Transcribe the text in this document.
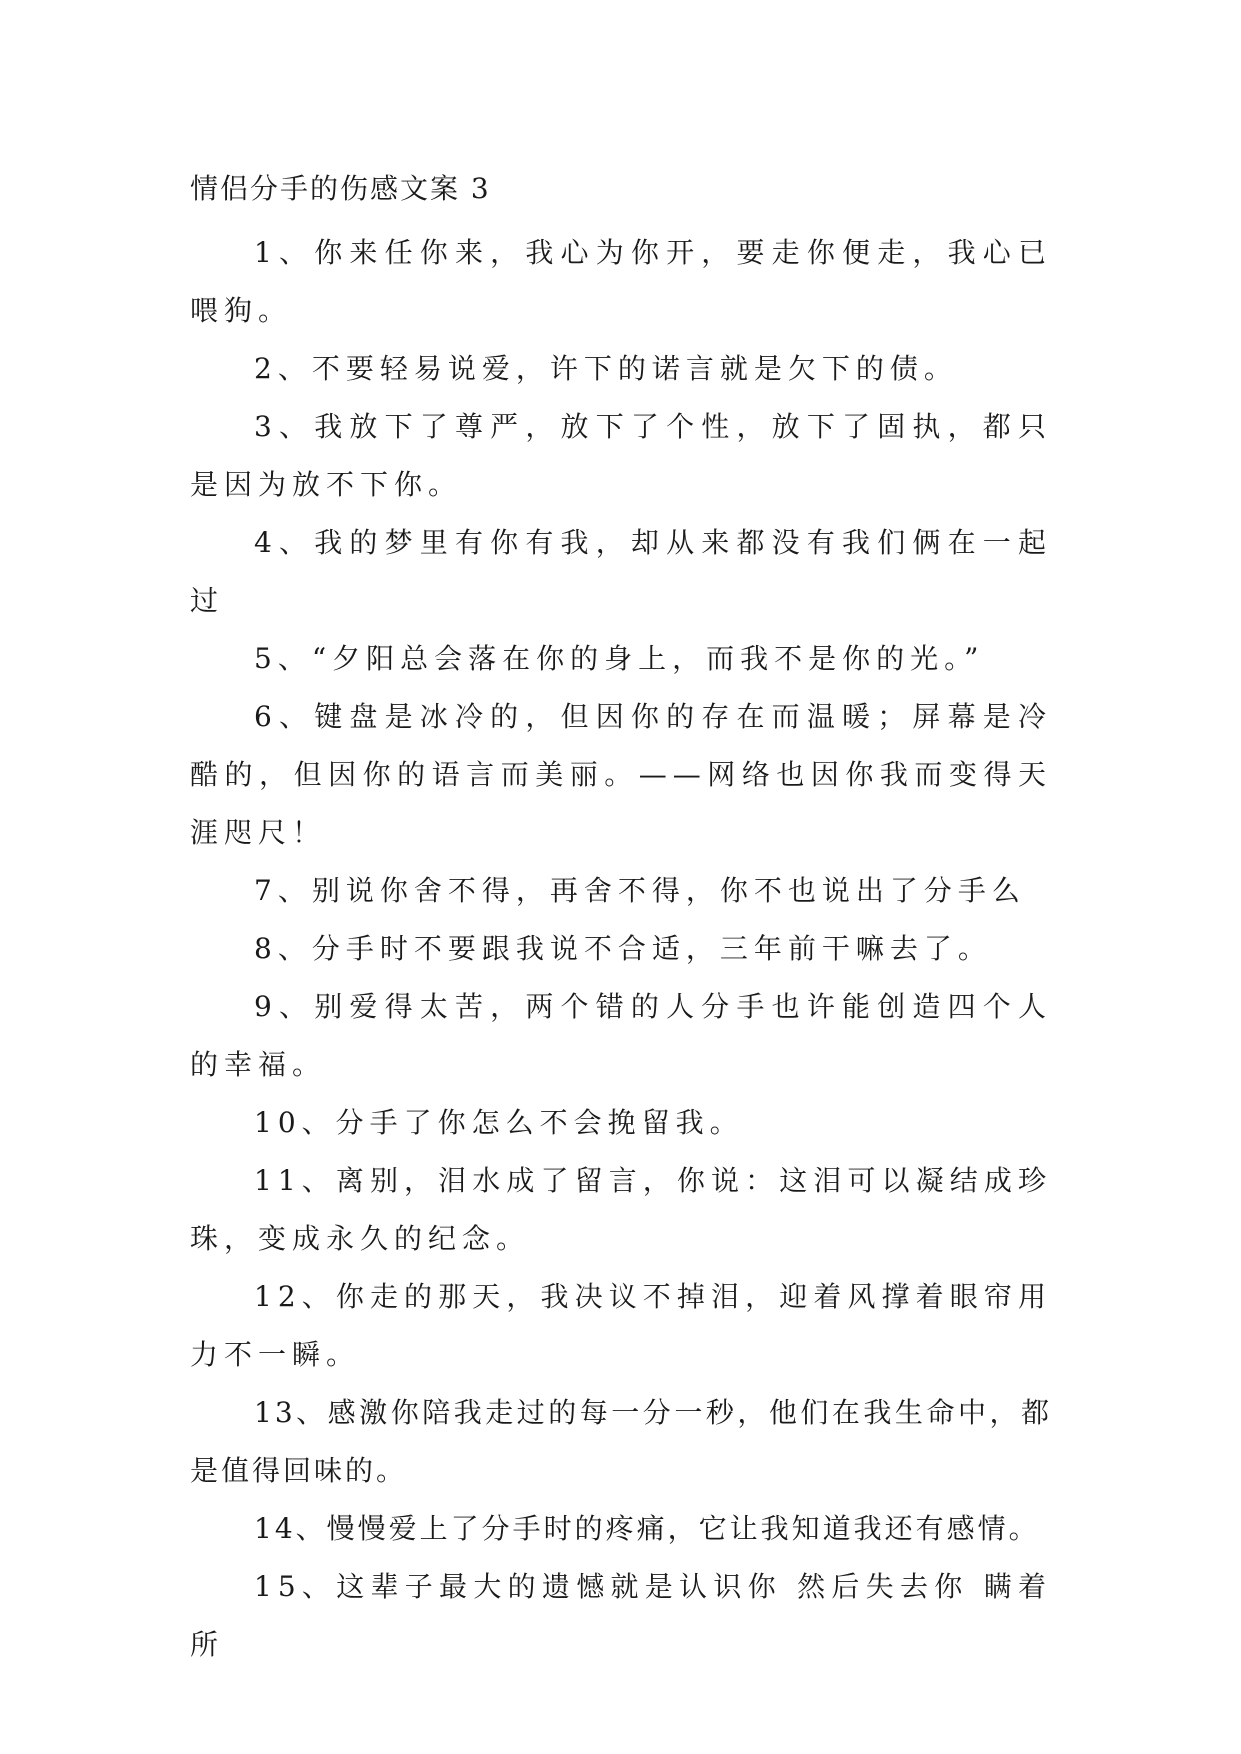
情侣分手的伤感文案 3

1、你来任你来，我心为你开，要走你便走，我心已喂狗。

2、不要轻易说爱，许下的诺言就是欠下的债。

3、我放下了尊严，放下了个性，放下了固执，都只是因为放不下你。

4、我的梦里有你有我，却从来都没有我们俩在一起过

5、“夕阳总会落在你的身上，而我不是你的光。”

6、键盘是冰冷的，但因你的存在而温暖；屏幕是冷酷的，但因你的语言而美丽。——网络也因你我而变得天涯咫尺！

7、别说你舍不得，再舍不得，你不也说出了分手么

8、分手时不要跟我说不合适，三年前干嘛去了。

9、别爱得太苦，两个错的人分手也许能创造四个人的幸福。

10、分手了你怎么不会挽留我。

11、离别，泪水成了留言，你说：这泪可以凝结成珍珠，变成永久的纪念。

12、你走的那天，我决议不掉泪，迎着风撑着眼帘用力不一瞬。

13、感激你陪我走过的每一分一秒，他们在我生命中，都是值得回味的。

14、慢慢爱上了分手时的疼痛，它让我知道我还有感情。

15、这辈子最大的遗憾就是认识你 然后失去你 瞒着所
